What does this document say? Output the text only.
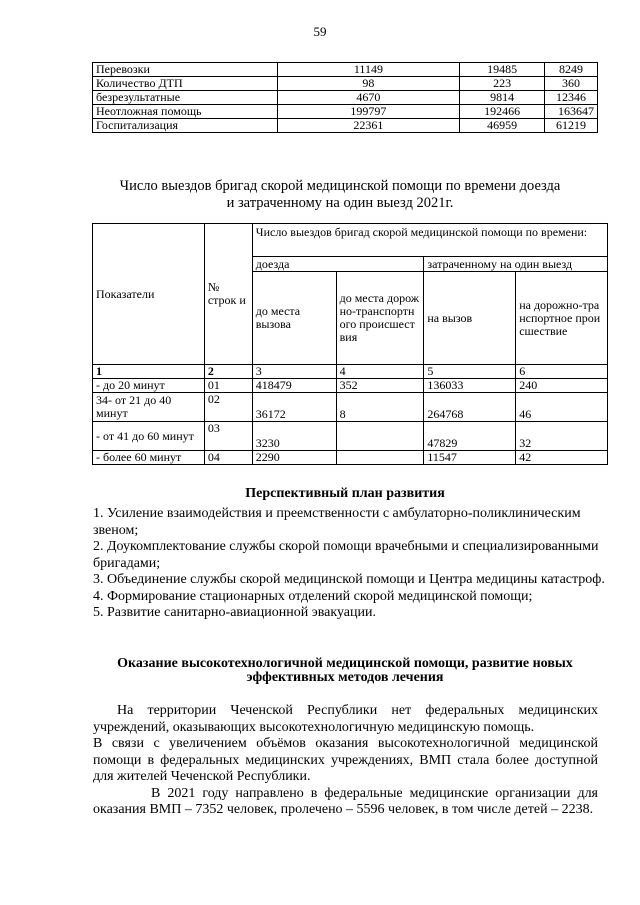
59
Перевозки	11149	19485	8249
Количество ДТП	98	223	360
безрезультатные	4670	9814	12346
Неотложная помощь	199797	192466	163647
Госпитализация	22361	46959	61219
Число выездов бригад скорой медицинской помощи по времени доезда
и затраченному на один выезд 2021г.
Показатели	№ строк и	Число выездов бригад скорой медицинской помощи по времени:			
		доезда		затраченному на один выезд	
		до места вызова	до места дорожно-транспортного происшествия	на вызов	на дорожно-транспортное происшествие
1	2	3	4	5	6
- до 20 минут	01	418479	352	136033	240
34- от 21 до 40 минут	02	36172	8	264768	46
- от 41 до 60 минут	03	3230		47829	32
- более 60 минут	04	2290		11547	42
Перспективный план развития

1. Усиление взаимодействия и преемственности с амбулаторно-поликлиническим звеном;

2. Доукомплектование службы скорой помощи врачебными и специализированными бригадами;

3. Объединение службы скорой медицинской помощи и Центра медицины катастроф.

4. Формирование стационарных отделений скорой медицинской помощи;

5. Развитие санитарно-авиационной эвакуации.

Оказание высокотехнологичной медицинской помощи, развитие новых
эффективных методов лечения

На территории Чеченской Республики нет федеральных медицинских учреждений, оказывающих высокотехнологичную медицинскую помощь.

В связи с увеличением объёмов оказания высокотехнологичной медицинской помощи в федеральных медицинских учреждениях, ВМП стала более доступной для жителей Чеченской Республики.

В 2021 году направлено в федеральные медицинские организации для оказания ВМП – 7352 человек, пролечено – 5596 человек, в том числе детей – 2238.
